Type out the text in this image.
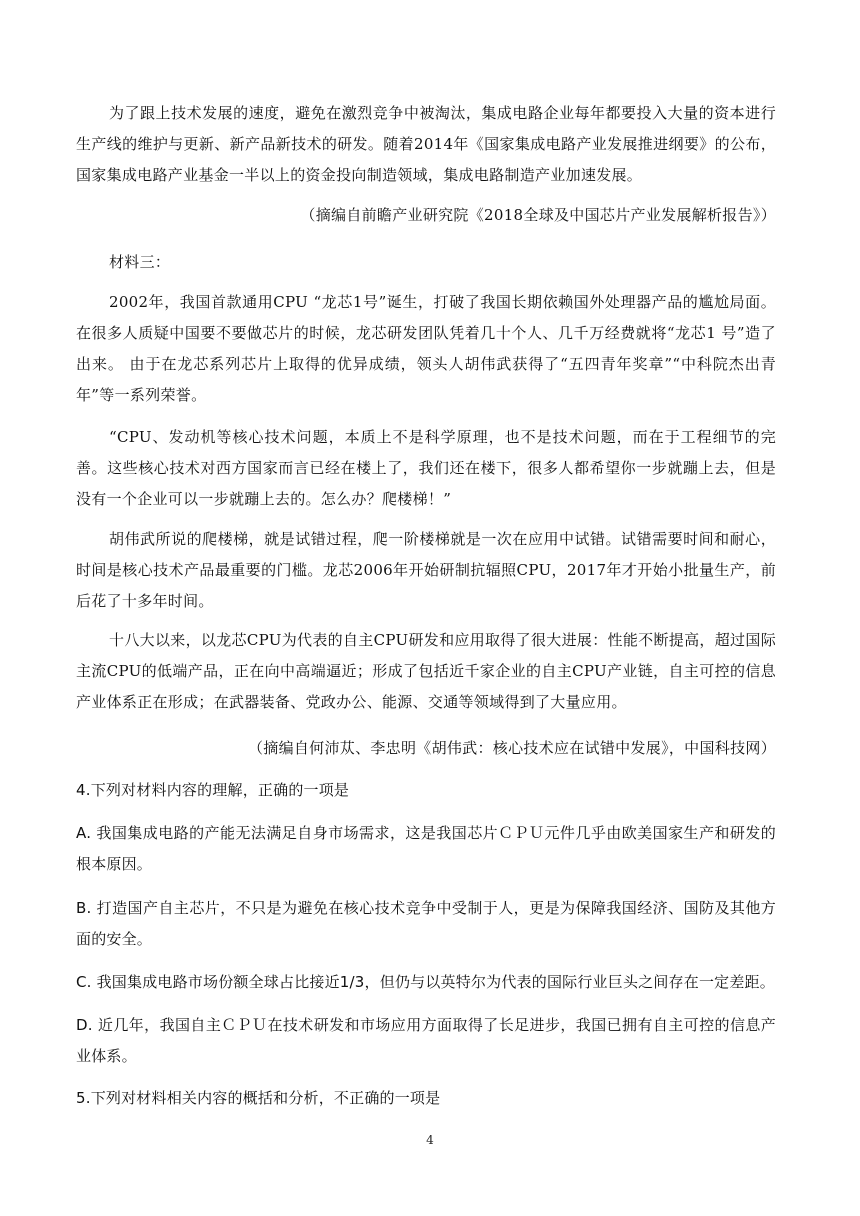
为了跟上技术发展的速度，避免在激烈竞争中被淘汰，集成电路企业每年都要投入大量的资本进行生产线的维护与更新、新产品新技术的研发。随着2014年《国家集成电路产业发展推进纲要》的公布，国家集成电路产业基金一半以上的资金投向制造领域，集成电路制造产业加速发展。
（摘编自前瞻产业研究院《2018全球及中国芯片产业发展解析报告》）
材料三：
2002年，我国首款通用CPU “龙芯1号”诞生，打破了我国长期依赖国外处理器产品的尴尬局面。在很多人质疑中国要不要做芯片的时候，龙芯研发团队凭着几十个人、几千万经费就将“龙芯1 号”造了出来。 由于在龙芯系列芯片上取得的优异成绩，领头人胡伟武获得了“五四青年奖章”“中科院杰出青年”等一系列荣誉。
“CPU、发动机等核心技术问题，本质上不是科学原理，也不是技术问题，而在于工程细节的完善。这些核心技术对西方国家而言已经在楼上了，我们还在楼下，很多人都希望你一步就蹦上去，但是没有一个企业可以一步就蹦上去的。怎么办？爬楼梯！”
胡伟武所说的爬楼梯，就是试错过程，爬一阶楼梯就是一次在应用中试错。试错需要时间和耐心，时间是核心技术产品最重要的门槛。龙芯2006年开始研制抗辐照CPU，2017年才开始小批量生产，前后花了十多年时间。
十八大以来，以龙芯CPU为代表的自主CPU研发和应用取得了很大进展：性能不断提高，超过国际主流CPU的低端产品，正在向中高端逼近；形成了包括近千家企业的自主CPU产业链，自主可控的信息产业体系正在形成；在武器装备、党政办公、能源、交通等领域得到了大量应用。
（摘编自何沛苁、李忠明《胡伟武：核心技术应在试错中发展》，中国科技网）
4.下列对材料内容的理解，正确的一项是
A. 我国集成电路的产能无法满足自身市场需求，这是我国芯片ＣＰＵ元件几乎由欧美国家生产和研发的根本原因。
B. 打造国产自主芯片，不只是为避免在核心技术竞争中受制于人，更是为保障我国经济、国防及其他方面的安全。
C. 我国集成电路市场份额全球占比接近1/3，但仍与以英特尔为代表的国际行业巨头之间存在一定差距。
D. 近几年，我国自主ＣＰＵ在技术研发和市场应用方面取得了长足进步，我国已拥有自主可控的信息产业体系。
5.下列对材料相关内容的概括和分析，不正确的一项是
4
